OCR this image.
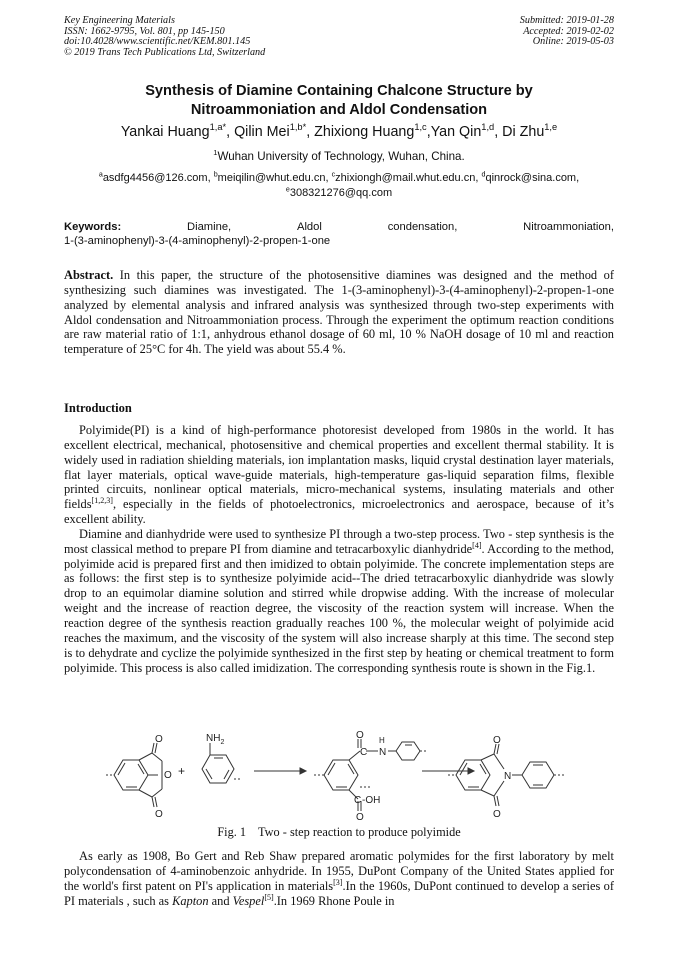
Key Engineering Materials
ISSN: 1662-9795, Vol. 801, pp 145-150
doi:10.4028/www.scientific.net/KEM.801.145
© 2019 Trans Tech Publications Ltd, Switzerland
Submitted: 2019-01-28
Accepted: 2019-02-02
Online: 2019-05-03
Synthesis of Diamine Containing Chalcone Structure by
Nitroammoniation and Aldol Condensation
Yankai Huang$^{1,a*}$, Qilin Mei$^{1,b*}$, Zhixiong Huang$^{1,c}$,Yan Qin$^{1,d}$, Di Zhu$^{1,e}$
$^1$Wuhan University of Technology, Wuhan, China.
$^a$asdfg4456@126.com, $^b$meiqilin@whut.edu.cn, $^c$zhixiongh@mail.whut.edu.cn, $^d$qinrock@sina.com, $^e$308321276@qq.com
Keywords:	Diamine,	Aldol	condensation,	Nitroammoniation,
1-(3-aminophenyl)-3-(4-aminophenyl)-2-propen-1-one
Abstract. In this paper, the structure of the photosensitive diamines was designed and the method of synthesizing such diamines was investigated. The 1-(3-aminophenyl)-3-(4-aminophenyl)-2-propen-1-one analyzed by elemental analysis and infrared analysis was synthesized through two-step experiments with Aldol condensation and Nitroammoniation process. Through the experiment the optimum reaction conditions are raw material ratio of 1:1, anhydrous ethanol dosage of 60 ml, 10 % NaOH dosage of 10 ml and reaction temperature of 25°C for 4h. The yield was about 55.4 %.
Introduction

Polyimide(PI) is a kind of high-performance photoresist developed from 1980s in the world. It has excellent electrical, mechanical, photosensitive and chemical properties and excellent thermal stability. It is widely used in radiation shielding materials, ion implantation masks, liquid crystal destination layer materials, flat layer materials, optical wave-guide materials, high-temperature gas-liquid separation films, flexible printed circuits, nonlinear optical materials, micro-mechanical systems, insulating materials and other fields[1,2,3], especially in the fields of photoelectronics, microelectronics and aerospace, because of it’s excellent ability.

Diamine and dianhydride were used to synthesize PI through a two-step process. Two - step synthesis is the most classical method to prepare PI from diamine and tetracarboxylic dianhydride[4]. According to the method, polyimide acid is prepared first and then imidized to obtain polyimide. The concrete implementation steps are as follows: the first step is to synthesize polyimide acid--The dried tetracarboxylic dianhydride was slowly drop to an equimolar diamine solution and stirred while dropwise adding. With the increase of molecular weight and the increase of reaction degree, the viscosity of the reaction system will increase. When the reaction degree of the synthesis reaction gradually reaches 100 %, the molecular weight of polyimide acid reaches the maximum, and the viscosity of the system will also increase sharply at this time. The second step is to dehydrate and cyclize the polyimide synthesized in the first step by heating or chemical treatment to form polyimide. This process is also called imidization. The corresponding synthesis route is shown in the Fig.1.

O
O
O
$NH_2$
+
O
C N
H
C -OH
O
O
N
O
Fig. 1 Two - step reaction to produce polyimide

As early as 1908, Bo Gert and Reb Shaw prepared aromatic polymides for the first laboratory by melt polycondensation of 4-aminobenzoic anhydride. In 1955, DuPont Company of the United States applied for the world's first patent on PI's application in materials[3].In the 1960s, DuPont continued to develop a series of PI materials , such as Kapton and Vespel[5].In 1969 Rhone Poule in
